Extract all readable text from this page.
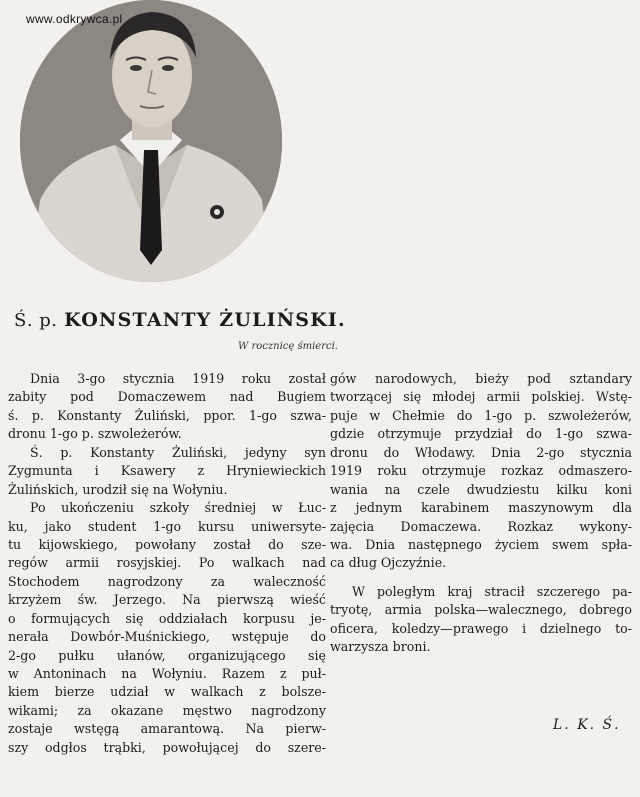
www.odkrywca.pl
Ś. p. KONSTANTY ŻULIŃSKI.
W rocznicę śmierci.
Dnia 3-go stycznia 1919 roku został
zabity pod Domaczewem nad Bugiem
ś. p. Konstanty Żuliński, ppor. 1-go szwa-
dronu 1-go p. szwoleżerów.
Ś. p. Konstanty Żuliński, jedyny syn
Zygmunta i Ksawery z Hryniewieckich
Żulińskich, urodził się na Wołyniu.
Po ukończeniu szkoły średniej w Łuc-
ku, jako student 1-go kursu uniwersyte-
tu kijowskiego, powołany został do sze-
regów armii rosyjskiej. Po walkach nad
Stochodem nagrodzony za waleczność
krzyżem św. Jerzego. Na pierwszą wieść
o formujących się oddziałach korpusu je-
nerała Dowbór-Muśnickiego, wstępuje do
2-go pułku ułanów, organizującego się
w Antoninach na Wołyniu. Razem z puł-
kiem bierze udział w walkach z bolsze-
wikami; za okazane męstwo nagrodzony
zostaje wstęgą amarantową. Na pierw-
szy odgłos trąbki, powołującej do szere-
gów narodowych, bieży pod sztandary
tworzącej się młodej armii polskiej. Wstę-
puje w Chełmie do 1-go p. szwoleżerów,
gdzie otrzymuje przydział do 1-go szwa-
dronu do Włodawy. Dnia 2-go stycznia
1919 roku otrzymuje rozkaz odmaszero-
wania na czele dwudziestu kilku koni
z jednym karabinem maszynowym dla
zajęcia Domaczewa. Rozkaz wykony-
wa. Dnia następnego życiem swem spła-
ca dług Ojczyźnie.
W poległym kraj stracił szczerego pa-
tryotę, armia polska—walecznego, dobrego
oficera, koledzy—prawego i dzielnego to-
warzysza broni.
L. K. Ś.
